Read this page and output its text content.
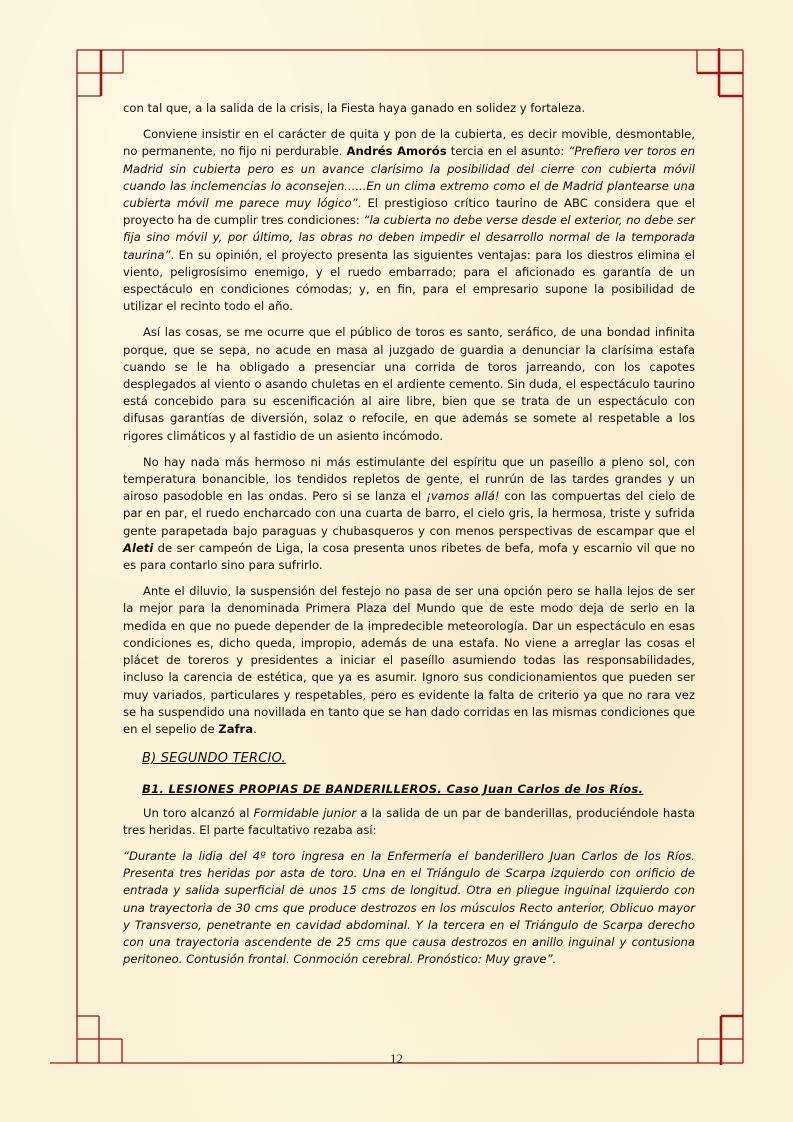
con tal que, a la salida de la crisis, la Fiesta haya ganado en solidez y fortaleza.

Conviene insistir en el carácter de quita y pon de la cubierta, es decir movible, desmontable, no permanente, no fijo ni perdurable. Andrés Amorós tercia en el asunto: “Prefiero ver toros en Madrid sin cubierta pero es un avance clarísimo la posibilidad del cierre con cubierta móvil cuando las inclemencias lo aconsejen......En un clima extremo como el de Madrid plantearse una cubierta móvil me parece muy lógico”. El prestigioso crítico taurino de ABC considera que el proyecto ha de cumplir tres condiciones: “la cubierta no debe verse desde el exterior, no debe ser fija sino móvil y, por último, las obras no deben impedir el desarrollo normal de la temporada taurina”. En su opinión, el proyecto presenta las siguientes ventajas: para los diestros elimina el viento, peligrosísimo enemigo, y el ruedo embarrado; para el aficionado es garantía de un espectáculo en condiciones cómodas; y, en fin, para el empresario supone la posibilidad de utilizar el recinto todo el año.

Así las cosas, se me ocurre que el público de toros es santo, seráfico, de una bondad infinita porque, que se sepa, no acude en masa al juzgado de guardia a denunciar la clarísima estafa cuando se le ha obligado a presenciar una corrida de toros jarreando, con los capotes desplegados al viento o asando chuletas en el ardiente cemento. Sin duda, el espectáculo taurino está concebido para su escenificación al aire libre, bien que se trata de un espectáculo con difusas garantías de diversión, solaz o refocile, en que además se somete al respetable a los rigores climáticos y al fastidio de un asiento incómodo.

No hay nada más hermoso ni más estimulante del espíritu que un paseíllo a pleno sol, con temperatura bonancible, los tendidos repletos de gente, el runrún de las tardes grandes y un airoso pasodoble en las ondas. Pero si se lanza el ¡vamos allá! con las compuertas del cielo de par en par, el ruedo encharcado con una cuarta de barro, el cielo gris, la hermosa, triste y sufrida gente parapetada bajo paraguas y chubasqueros y con menos perspectivas de escampar que el Aleti de ser campeón de Liga, la cosa presenta unos ribetes de befa, mofa y escarnio vil que no es para contarlo sino para sufrirlo.

Ante el diluvio, la suspensión del festejo no pasa de ser una opción pero se halla lejos de ser la mejor para la denominada Primera Plaza del Mundo que de este modo deja de serlo en la medida en que no puede depender de la impredecible meteorología. Dar un espectáculo en esas condiciones es, dicho queda, impropio, además de una estafa. No viene a arreglar las cosas el plácet de toreros y presidentes a iniciar el paseíllo asumiendo todas las responsabilidades, incluso la carencia de estética, que ya es asumir. Ignoro sus condicionamientos que pueden ser muy variados, particulares y respetables, pero es evidente la falta de criterio ya que no rara vez se ha suspendido una novillada en tanto que se han dado corridas en las mismas condiciones que en el sepelio de Zafra.

B) SEGUNDO TERCIO.
B1. LESIONES PROPIAS DE BANDERILLEROS. Caso Juan Carlos de los Ríos.

Un toro alcanzó al Formidable junior a la salida de un par de banderillas, produciéndole hasta tres heridas. El parte facultativo rezaba así:

“Durante la lidia del 4º toro ingresa en la Enfermería el banderillero Juan Carlos de los Ríos. Presenta tres heridas por asta de toro. Una en el Triángulo de Scarpa izquierdo con orificio de entrada y salida superficial de unos 15 cms de longitud. Otra en pliegue inguinal izquierdo con una trayectoria de 30 cms que produce destrozos en los músculos Recto anterior, Oblicuo mayor y Transverso, penetrante en cavidad abdominal. Y la tercera en el Triángulo de Scarpa derecho con una trayectoria ascendente de 25 cms que causa destrozos en anillo inguinal y contusiona peritoneo. Contusión frontal. Conmoción cerebral. Pronóstico: Muy grave”.

12
